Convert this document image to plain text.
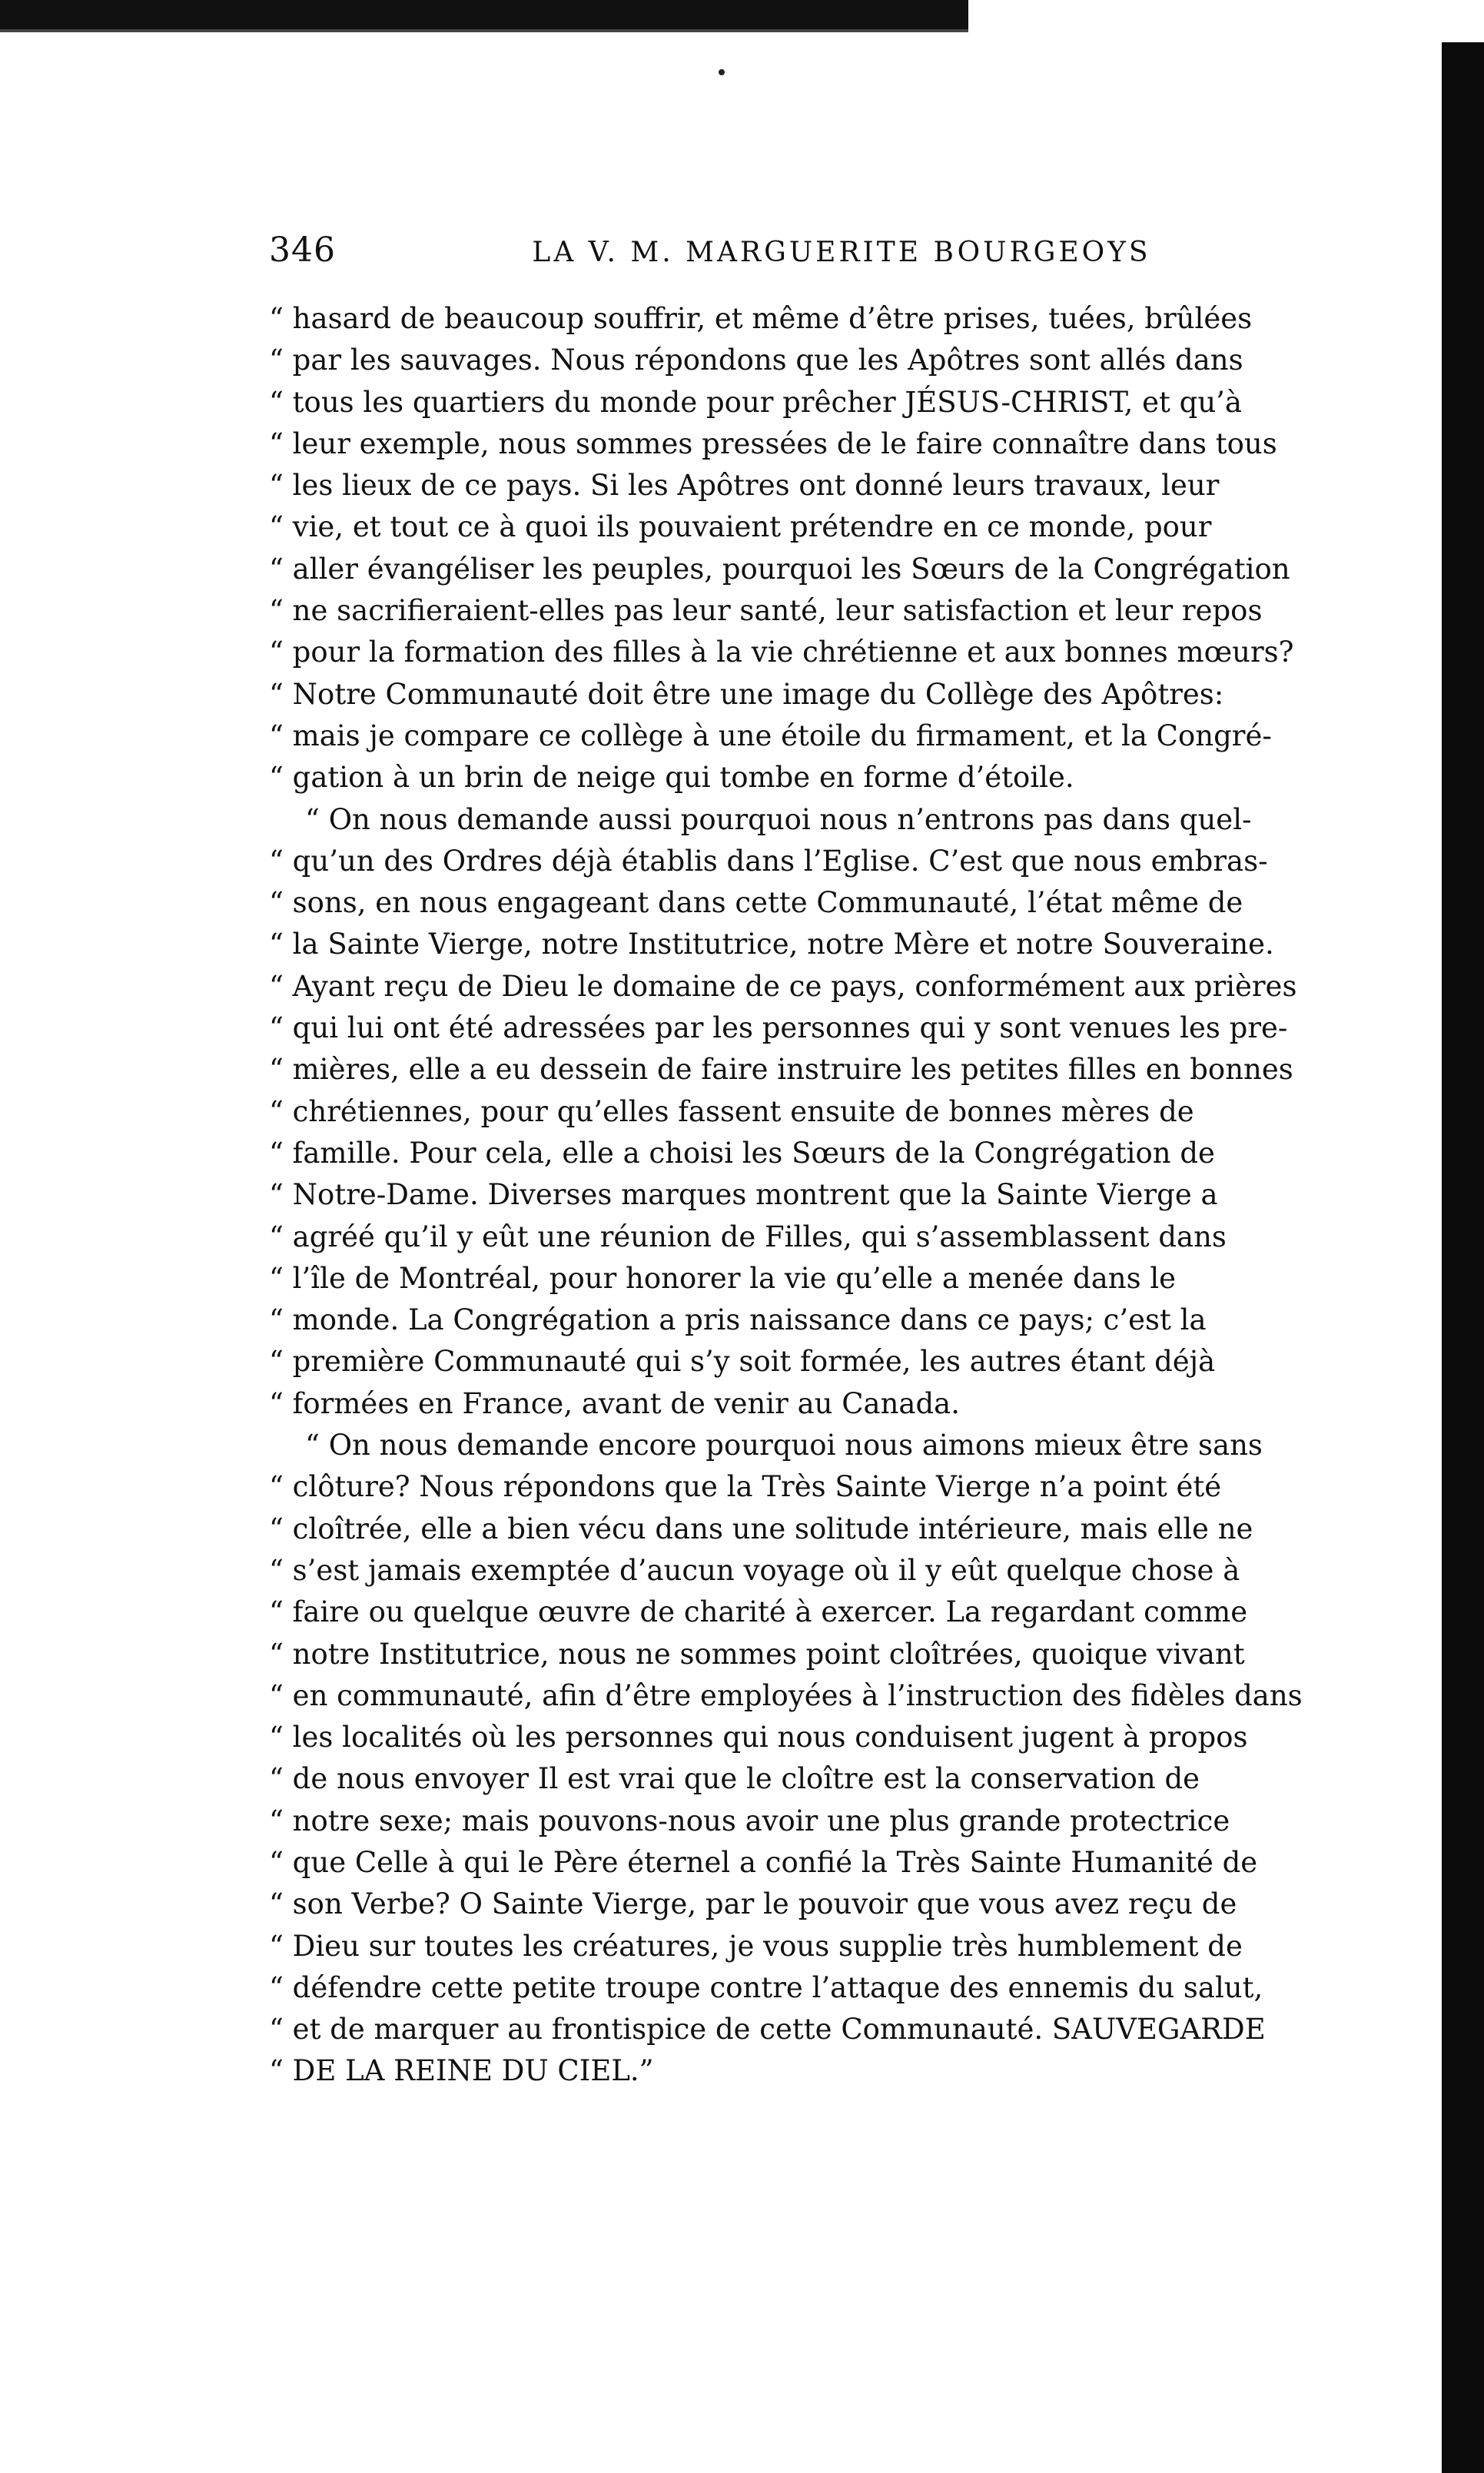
346	LA V. M. MARGUERITE BOURGEOYS
“ hasard de beaucoup souffrir, et même d’être prises, tuées, brûlées
“ par les sauvages. Nous répondons que les Apôtres sont allés dans
“ tous les quartiers du monde pour prêcher JÉSUS-CHRIST, et qu’à
“ leur exemple, nous sommes pressées de le faire connaître dans tous
“ les lieux de ce pays. Si les Apôtres ont donné leurs travaux, leur
“ vie, et tout ce à quoi ils pouvaient prétendre en ce monde, pour
“ aller évangéliser les peuples, pourquoi les Sœurs de la Congrégation
“ ne sacrifieraient-elles pas leur santé, leur satisfaction et leur repos
“ pour la formation des filles à la vie chrétienne et aux bonnes mœurs?
“ Notre Communauté doit être une image du Collège des Apôtres:
“ mais je compare ce collège à une étoile du firmament, et la Congré-
“ gation à un brin de neige qui tombe en forme d’étoile.
“ On nous demande aussi pourquoi nous n’entrons pas dans quel-
“ qu’un des Ordres déjà établis dans l’Eglise. C’est que nous embras-
“ sons, en nous engageant dans cette Communauté, l’état même de
“ la Sainte Vierge, notre Institutrice, notre Mère et notre Souveraine.
“ Ayant reçu de Dieu le domaine de ce pays, conformément aux prières
“ qui lui ont été adressées par les personnes qui y sont venues les pre-
“ mières, elle a eu dessein de faire instruire les petites filles en bonnes
“ chrétiennes, pour qu’elles fassent ensuite de bonnes mères de
“ famille. Pour cela, elle a choisi les Sœurs de la Congrégation de
“ Notre-Dame. Diverses marques montrent que la Sainte Vierge a
“ agréé qu’il y eût une réunion de Filles, qui s’assemblassent dans
“ l’île de Montréal, pour honorer la vie qu’elle a menée dans le
“ monde. La Congrégation a pris naissance dans ce pays; c’est la
“ première Communauté qui s’y soit formée, les autres étant déjà
“ formées en France, avant de venir au Canada.
“ On nous demande encore pourquoi nous aimons mieux être sans
“ clôture? Nous répondons que la Très Sainte Vierge n’a point été
“ cloîtrée, elle a bien vécu dans une solitude intérieure, mais elle ne
“ s’est jamais exemptée d’aucun voyage où il y eût quelque chose à
“ faire ou quelque œuvre de charité à exercer. La regardant comme
“ notre Institutrice, nous ne sommes point cloîtrées, quoique vivant
“ en communauté, afin d’être employées à l’instruction des fidèles dans
“ les localités où les personnes qui nous conduisent jugent à propos
“ de nous envoyer Il est vrai que le cloître est la conservation de
“ notre sexe; mais pouvons-nous avoir une plus grande protectrice
“ que Celle à qui le Père éternel a confié la Très Sainte Humanité de
“ son Verbe? O Sainte Vierge, par le pouvoir que vous avez reçu de
“ Dieu sur toutes les créatures, je vous supplie très humblement de
“ défendre cette petite troupe contre l’attaque des ennemis du salut,
“ et de marquer au frontispice de cette Communauté. SAUVEGARDE
“ DE LA REINE DU CIEL.”
